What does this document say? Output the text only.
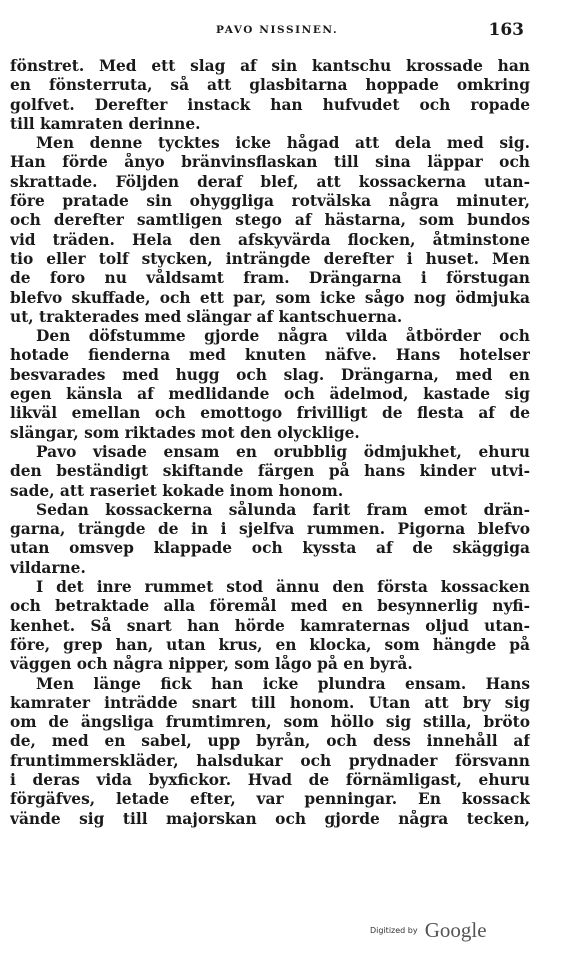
PAVO NISSINEN.	163
fönstret. Med ett slag af sin kantschu krossade han
en fönsterruta, så att glasbitarna hoppade omkring
golfvet. Derefter instack han hufvudet och ropade
till kamraten derinne.
Men denne tycktes icke hågad att dela med sig.
Han förde ånyo bränvinsflaskan till sina läppar och
skrattade. Följden deraf blef, att kossackerna utan-
före pratade sin ohyggliga rotvälska några minuter,
och derefter samtligen stego af hästarna, som bundos
vid träden. Hela den afskyvärda flocken, åtminstone
tio eller tolf stycken, inträngde derefter i huset. Men
de foro nu våldsamt fram. Drängarna i förstugan
blefvo skuffade, och ett par, som icke sågo nog ödmjuka
ut, trakterades med slängar af kantschuerna.
Den döfstumme gjorde några vilda åtbörder och
hotade fienderna med knuten näfve. Hans hotelser
besvarades med hugg och slag. Drängarna, med en
egen känsla af medlidande och ädelmod, kastade sig
likväl emellan och emottogo frivilligt de flesta af de
slängar, som riktades mot den olycklige.
Pavo visade ensam en orubblig ödmjukhet, ehuru
den beständigt skiftande färgen på hans kinder utvi-
sade, att raseriet kokade inom honom.
Sedan kossackerna sålunda farit fram emot drän-
garna, trängde de in i sjelfva rummen. Pigorna blefvo
utan omsvep klappade och kyssta af de skäggiga
vildarne.
I det inre rummet stod ännu den första kossacken
och betraktade alla föremål med en besynnerlig nyfi-
kenhet. Så snart han hörde kamraternas oljud utan-
före, grep han, utan krus, en klocka, som hängde på
väggen och några nipper, som lågo på en byrå.
Men länge fick han icke plundra ensam. Hans
kamrater inträdde snart till honom. Utan att bry sig
om de ängsliga frumtimren, som höllo sig stilla, bröto
de, med en sabel, upp byrån, och dess innehåll af
fruntimmerskläder, halsdukar och prydnader försvann
i deras vida byxfickor. Hvad de förnämligast, ehuru
förgäfves, letade efter, var penningar. En kossack
vände sig till majorskan och gjorde några tecken,
Digitized by Google
